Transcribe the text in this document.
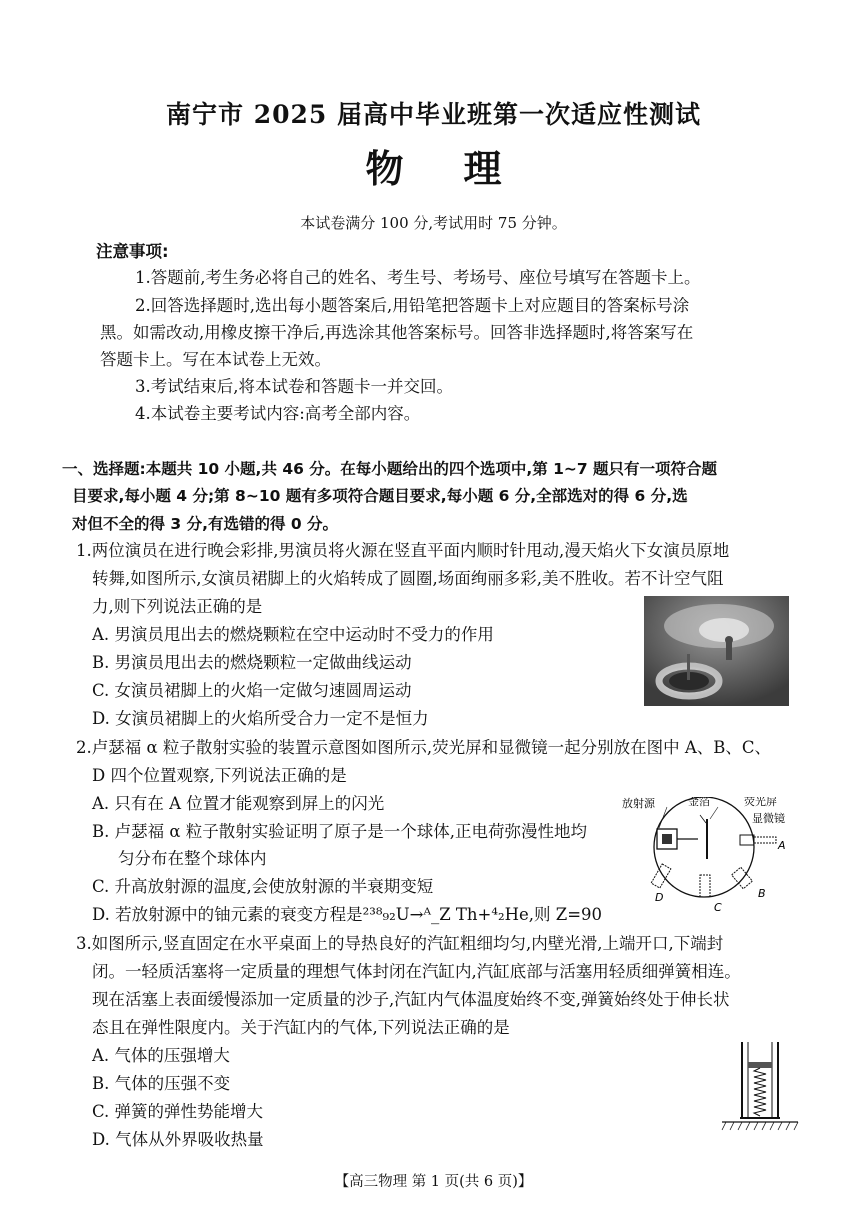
南宁市 2025 届高中毕业班第一次适应性测试
物理
本试卷满分 100 分,考试用时 75 分钟。
注意事项:
1.答题前,考生务必将自己的姓名、考生号、考场号、座位号填写在答题卡上。
2.回答选择题时,选出每小题答案后,用铅笔把答题卡上对应题目的答案标号涂
黑。如需改动,用橡皮擦干净后,再选涂其他答案标号。回答非选择题时,将答案写在
答题卡上。写在本试卷上无效。
3.考试结束后,将本试卷和答题卡一并交回。
4.本试卷主要考试内容:高考全部内容。
一、选择题:本题共 10 小题,共 46 分。在每小题给出的四个选项中,第 1~7 题只有一项符合题
目要求,每小题 4 分;第 8~10 题有多项符合题目要求,每小题 6 分,全部选对的得 6 分,选
对但不全的得 3 分,有选错的得 0 分。
1.两位演员在进行晚会彩排,男演员将火源在竖直平面内顺时针甩动,漫天焰火下女演员原地
转舞,如图所示,女演员裙脚上的火焰转成了圆圈,场面绚丽多彩,美不胜收。若不计空气阻
力,则下列说法正确的是
A. 男演员甩出去的燃烧颗粒在空中运动时不受力的作用
B. 男演员甩出去的燃烧颗粒一定做曲线运动
C. 女演员裙脚上的火焰一定做匀速圆周运动
D. 女演员裙脚上的火焰所受合力一定不是恒力
2.卢瑟福 α 粒子散射实验的装置示意图如图所示,荧光屏和显微镜一起分别放在图中 A、B、C、
D 四个位置观察,下列说法正确的是
A. 只有在 A 位置才能观察到屏上的闪光
B. 卢瑟福 α 粒子散射实验证明了原子是一个球体,正电荷弥漫性地均
匀分布在整个球体内
C. 升高放射源的温度,会使放射源的半衰期变短
D. 若放射源中的铀元素的衰变方程是²³⁸₉₂U→ᴬ_Z Th+⁴₂He,则 Z=90
放射源	金箔	荧光屏
显微镜
A
B
C
D
3.如图所示,竖直固定在水平桌面上的导热良好的汽缸粗细均匀,内壁光滑,上端开口,下端封
闭。一轻质活塞将一定质量的理想气体封闭在汽缸内,汽缸底部与活塞用轻质细弹簧相连。
现在活塞上表面缓慢添加一定质量的沙子,汽缸内气体温度始终不变,弹簧始终处于伸长状
态且在弹性限度内。关于汽缸内的气体,下列说法正确的是
A. 气体的压强增大
B. 气体的压强不变
C. 弹簧的弹性势能增大
D. 气体从外界吸收热量
【高三物理 第 1 页(共 6 页)】
